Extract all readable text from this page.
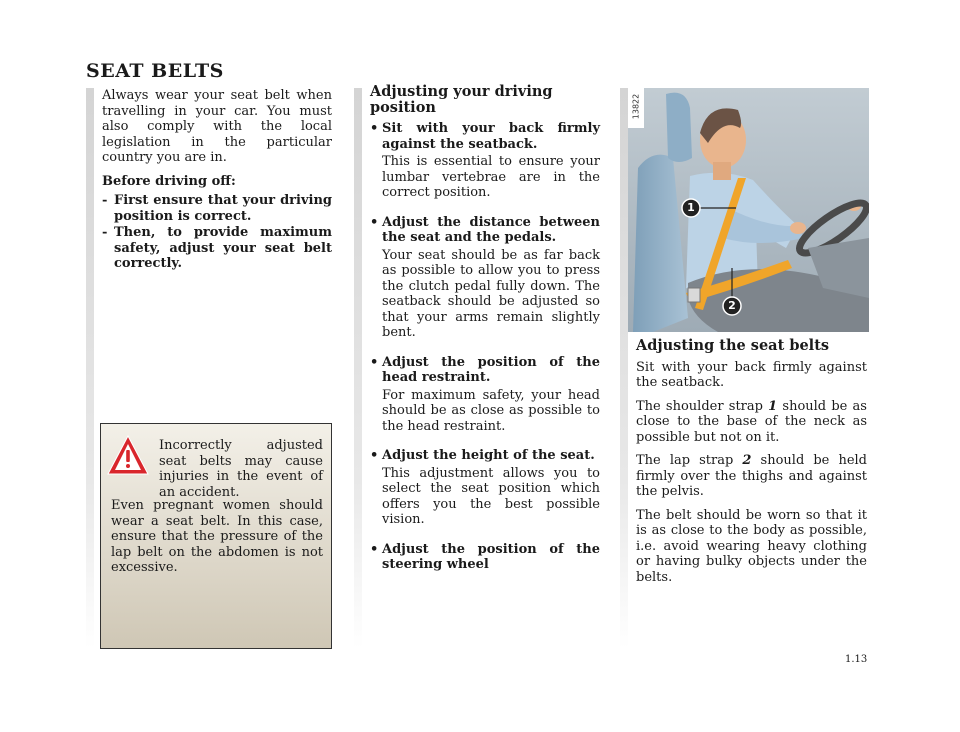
SEAT BELTS

Always wear your seat belt when travelling in your car. You must also comply with the local legislation in the particular country you are in.

Before driving off:

- First ensure that your driving position is correct.
- Then, to provide maximum safety, adjust your seat belt correctly.
Incorrectly adjusted seat belts may cause injuries in the event of an accident.
Even pregnant women should wear a seat belt. In this case, ensure that the pressure of the lap belt on the abdomen is not excessive.
Adjusting your driving position
• Sit with your back firmly against the seatback.
This is essential to ensure your lumbar vertebrae are in the correct position.
• Adjust the distance between the seat and the pedals.
Your seat should be as far back as possible to allow you to press the clutch pedal fully down. The seatback should be adjusted so that your arms remain slightly bent.
• Adjust the position of the head restraint.
For maximum safety, your head should be as close as possible to the head restraint.
• Adjust the height of the seat.
This adjustment allows you to select the seat position which offers you the best possible vision.
• Adjust the position of the steering wheel
13822
1
2
Adjusting the seat belts

Sit with your back firmly against the seatback.

The shoulder strap 1 should be as close to the base of the neck as possible but not on it.

The lap strap 2 should be held firmly over the thighs and against the pelvis.

The belt should be worn so that it is as close to the body as possible, i.e. avoid wearing heavy clothing or having bulky objects under the belts.

1.13
